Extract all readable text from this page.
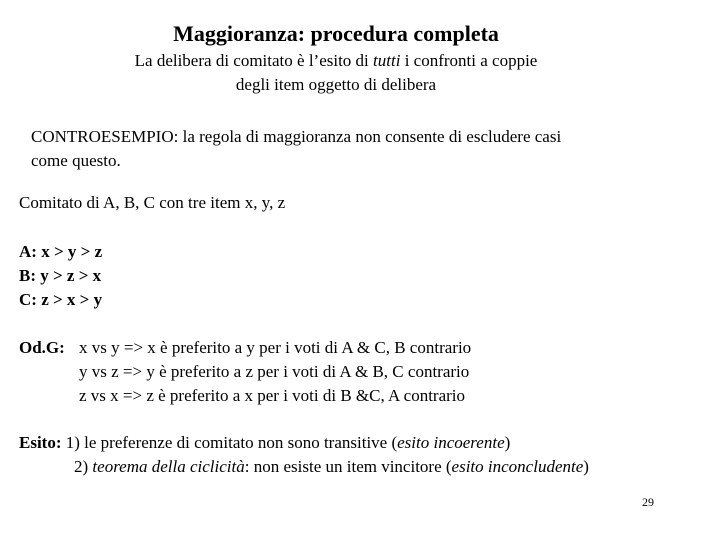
Maggioranza: procedura completa
La delibera di comitato è l’esito di tutti i confronti a coppie
degli item oggetto di delibera
CONTROESEMPIO: la regola di maggioranza non consente di escludere casi
come questo.
Comitato di A, B, C con tre item x, y, z
A: x > y > z
B: y > z > x
C: z > x > y
Od.G: x vs y => x è preferito a y per i voti di A & C, B contrario
y vs z => y è preferito a z per i voti di A & B, C contrario
z vs x => z è preferito a x per i voti di B &C, A contrario
Esito: 1) le preferenze di comitato non sono transitive (esito incoerente)
2) teorema della ciclicità: non esiste un item vincitore (esito inconcludente)
29
